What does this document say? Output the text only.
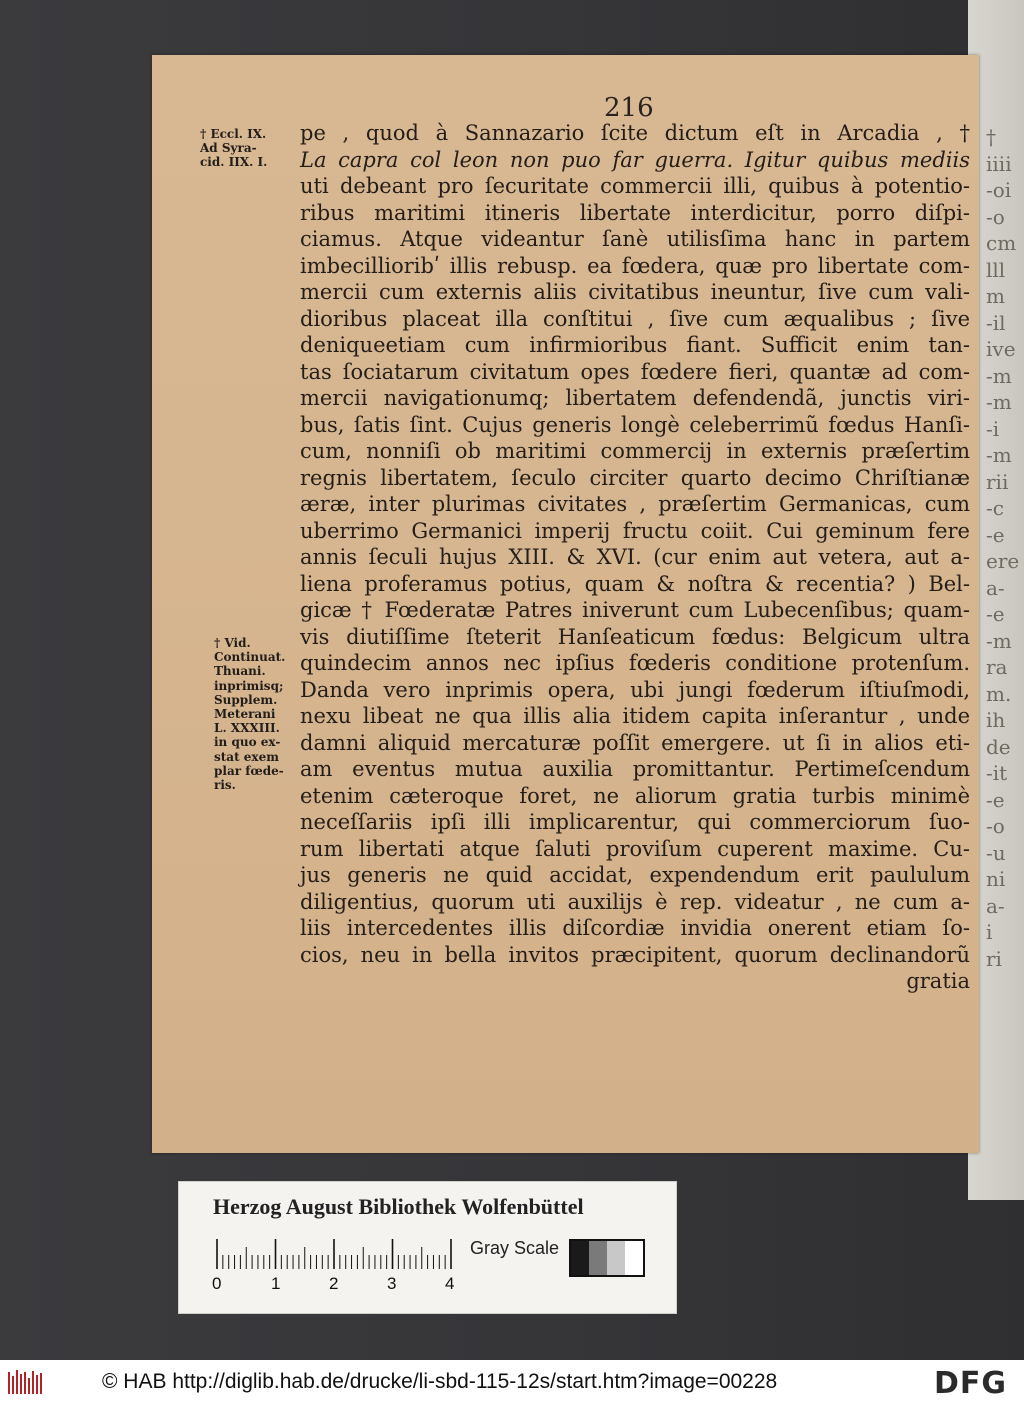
†
iiii
-oi
-o
cm
lll
m
-il
ive
-m
-m
-i
-m
rii
-c
-e
ere
a-
-e
-m
ra
m.
ih
de
-it
-e
-o
-u
ni
a-
i
ri
216
† Eccl. IX.
Ad Syra-
cid. IIX. I.
† Vid.
Continuat.
Thuani.
inprimisq;
Supplem.
Meterani
L. XXXIII.
in quo ex-
stat exem
plar fœde-
ris.
pe , quod à Sannazario ſcite dictum eſt in Arcadia , †
La capra col leon non puo far guerra. Igitur quibus mediis
uti debeant pro ſecuritate commercii illi, quibus à potentio-
ribus maritimi itineris libertate interdicitur, porro diſpi-
ciamus. Atque videantur ſanè utilisſima hanc in partem
imbecillioribʹ illis rebusp. ea fœdera, quæ pro libertate com-
mercii cum externis aliis civitatibus ineuntur, ſive cum vali-
dioribus placeat illa conſtitui , ſive cum æqualibus ; ſive
deniqueetiam cum infirmioribus fiant. Sufficit enim tan-
tas ſociatarum civitatum opes fœdere fieri, quantæ ad com-
mercii navigationumq; libertatem defendendã, junctis viri-
bus, ſatis ſint. Cujus generis longè celeberrimũ fœdus Hanſi-
cum, nonniſi ob maritimi commercij in externis præſertim
regnis libertatem, ſeculo circiter quarto decimo Chriſtianæ
æræ, inter plurimas civitates , præſertim Germanicas, cum
uberrimo Germanici imperij fructu coiit. Cui geminum fere
annis ſeculi hujus XIII. & XVI. (cur enim aut vetera, aut a-
liena proferamus potius, quam & noſtra & recentia? ) Bel-
gicæ † Fœderatæ Patres iniverunt cum Lubecenſibus; quam-
vis diutiſſime ſteterit Hanſeaticum fœdus: Belgicum ultra
quindecim annos nec ipſius fœderis conditione protenſum.
Danda vero inprimis opera, ubi jungi fœderum iſtiuſmodi,
nexu libeat ne qua illis alia itidem capita inſerantur , unde
damni aliquid mercaturæ poſſit emergere. ut ſi in alios eti-
am eventus mutua auxilia promittantur. Pertimeſcendum
etenim cæteroque foret, ne aliorum gratia turbis minimè
neceſſariis ipſi illi implicarentur, qui commerciorum ſuo-
rum libertati atque ſaluti proviſum cuperent maxime. Cu-
jus generis ne quid accidat, expendendum erit paululum
diligentius, quorum uti auxilijs è rep. videatur , ne cum a-
liis intercedentes illis diſcordiæ invidia onerent etiam ſo-
cios, neu in bella invitos præcipitent, quorum declinandorũ
gratia
Herzog August Bibliothek Wolfenbüttel
0	1	2	3	4
Gray Scale
© HAB http://diglib.hab.de/drucke/li-sbd-115-12s/start.htm?image=00228	DFG
